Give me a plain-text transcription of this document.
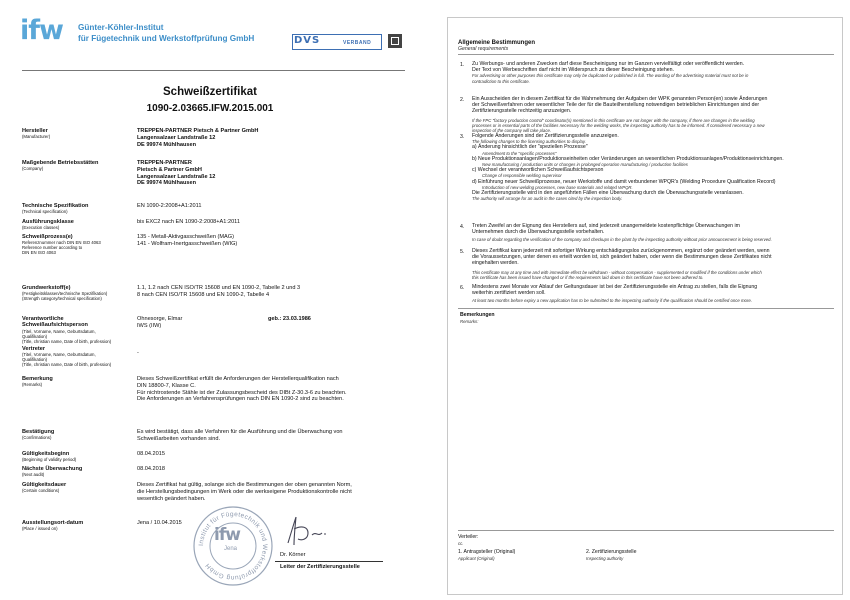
ifw Günter-Köhler-Institut
für Fügetechnik und Werkstoffprüfung GmbH	DVS	VERBAND
Schweißzertifikat
1090-2.03665.IFW.2015.001
Hersteller
(Manufacturer)
TREPPEN-PARTNER Pietsch & Partner GmbH
Langensalzaer Landstraße 12
DE 99974 Mühlhausen
Maßgebende Betriebsstätten
(Company)
TREPPEN-PARTNER
Pietsch & Partner GmbH
Langensalzaer Landstraße 12
DE 99974 Mühlhausen
Technische Spezifikation
(Technical specification)
EN 1090-2:2008+A1:2011
Ausführungsklasse
(Execution classes)
bis EXC2 nach EN 1090-2:2008+A1:2011
Schweißprozess(e)
Referenznummer nach DIN EN ISO 4063
Reference number according to
DIN EN ISO 4063
135 - Metall-Aktivgasschweißen (MAG)
141 - Wolfram-Inertgasschweißen (WIG)
Grundwerkstoff(e)
(Festigkeitsklassen/technische Spezifikation)
(Strength category/technical specification)
1.1, 1.2 nach CEN ISO/TR 15608 und EN 1090-2, Tabelle 2 und 3
8 nach CEN ISO/TR 15608 und EN 1090-2, Tabelle 4
Verantwortliche
Schweißaufsichtsperson
(Titel, Vorname, Name, Geburtsdatum,
Qualifikation)
(Title, christian name, Date of birth, profession)
Ohnesorge, Elmar
IWS (IIW)
geb.: 23.03.1986
Vertreter
(Titel, Vorname, Name, Geburtsdatum,
Qualifikation)
(Title, christian name, Date of birth, profession)
-
Bemerkung
(Remarks)
Dieses Schweißzertifikat erfüllt die Anforderungen der Herstellerqualifikation nach
DIN 18800-7, Klasse C.
Für nichtrostende Stähle ist der Zulassungsbescheid des DIBt Z-30.3-6 zu beachten.
Die Anforderungen an Verfahrensprüfungen nach DIN EN 1090-2 sind zu beachten.
Bestätigung
(Confirmations)
Es wird bestätigt, dass alle Verfahren für die Ausführung und die Überwachung von
Schweißarbeiten vorhanden sind.
Gültigkeitsbeginn
(Beginning of validity period)
08.04.2015
Nächste Überwachung
(Next audit)
08.04.2018
Gültigkeitsdauer
(Certain conditions)
Dieses Zertifikat hat gültig, solange sich die Bestimmungen der oben genannten Norm,
die Herstellungsbedingungen im Werk oder die werkseigene Produktionskontrolle nicht
wesentlich geändert haben.
Ausstellungsort-datum
(Place / issued on)
Jena / 10.04.2015
Institut für Fügetechnik und Werkstoffprüfung GmbH
ifw
Jena
Dr. Körner
Leiter der Zertifizierungsstelle
Allgemeine Bestimmungen
General requirements
1. Zu Werbungs- und anderen Zwecken darf diese Bescheinigung nur im Ganzen vervielfältigt oder veröffentlicht werden.
Der Text von Werbeschriften darf nicht im Widerspruch zu dieser Bescheinigung stehen.
For advertising or other purposes this certificate may only be duplicated or published in full. The wording of the advertising material must not be in
contradiction to this certificate.
2. Ein Ausscheiden der in diesem Zertifikat für die Wahrnehmung der Aufgaben der WPK genannten Person(en) sowie Änderungen
der Schweißverfahren oder wesentlicher Teile der für die Bauteilherstellung notwendigen betrieblichen Einrichtungen sind der
Zertifizierungsstelle rechtzeitig anzuzeigen.
If the FPC "factory production control" coordinator(s) mentioned in this certificate are not longer with the company, if there are changes in the welding
processes or in essential parts of the facilities necessary for the welding works, the inspecting authority has to be informed. If considered necessary a new
inspection of the company will take place.
3. Folgende Änderungen sind der Zertifizierungsstelle anzuzeigen.
The following changes to the licensing authorities to display.
a) Änderung hinsichtlich der "speziellen Prozesse"
Amendment to the "specific processes"
b) Neue Produktionsanlagen/Produktionseinheiten oder Veränderungen an wesentlichen Produktionsanlagen/Produktionseinrichtungen.
New manufacturing / production units or changes in prolonged operation manufacturing / production facilities
c) Wechsel der verantwortlichen Schweißaufsichtsperson
Change of responsible welding supervisor
d) Einführung neuer Schweißprozesse, neuer Werkstoffe und damit verbundener WPQR's (Welding Procedure Qualification Record)
Introduction of new welding processes, new base materials and related WPQR.
Die Zertifizierungsstelle wird in den angeführten Fällen eine Überwachung durch die Überwachungsstelle veranlassen.
The authority will arrange for an audit in the cases cited by the inspection body.
4. Treten Zweifel an der Eignung des Herstellers auf, sind jederzeit unangemeldete kostenpflichtige Überwachungen im
Unternehmen durch die Überwachungsstelle vorbehalten.
In case of doubt regarding the verification of the company and checkups in the plant by the inspecting authority without prior announcement is being reserved.
5. Dieses Zertifikat kann jederzeit mit sofortiger Wirkung entschädigungslos zurückgenommen, ergänzt oder geändert werden, wenn
die Voraussetzungen, unter denen es erteilt worden ist, sich geändert haben, oder wenn die Bestimmungen diese Zertifikates nicht
eingehalten werden.
This certificate may at any time and with immediate effect be withdrawn - without compensation - supplemented or modified if the conditions under which
this certificate has been issued have changed or if the requirements laid down in this certificate have not been adhered to.
6. Mindestens zwei Monate vor Ablauf der Geltungsdauer ist bei der Zertifizierungsstelle ein Antrag zu stellen, falls die Eignung
weiterhin zertifiziert werden soll.
At least two months before expiry a new application has to be submitted to the inspecting authority if the qualification should be certified once more.
Bemerkungen
Remarks:
Verteiler:
cc.
1. Antragsteller (Original)
Applicant (Original)
2. Zertifizierungsstelle
Inspecting authority
